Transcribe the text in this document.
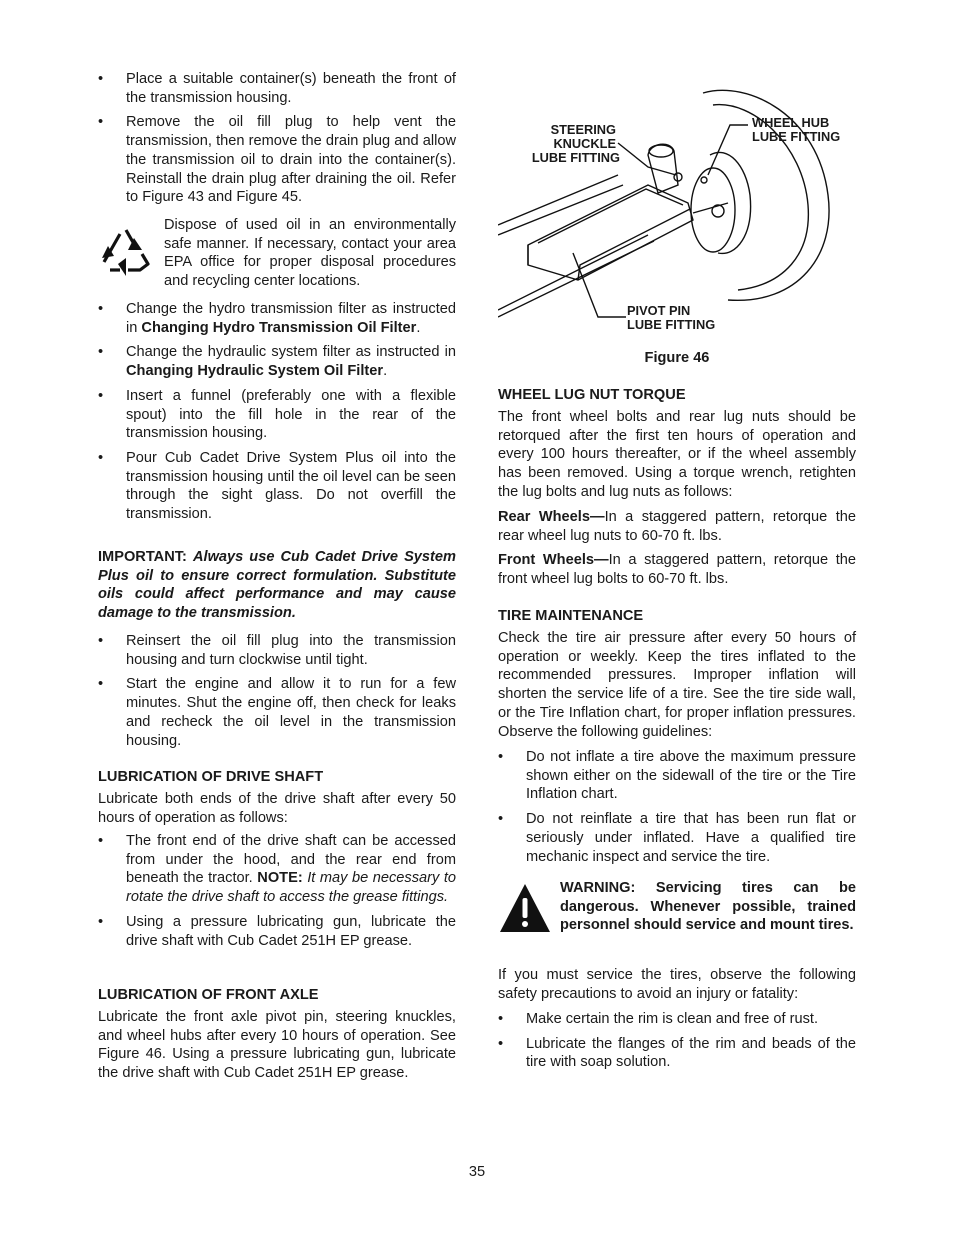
• Place a suitable container(s) beneath the front of the transmission housing.
• Remove the oil fill plug to help vent the transmission, then remove the drain plug and allow the transmission oil to drain into the container(s). Reinstall the drain plug after draining the oil. Refer to Figure 43 and Figure 45.

Dispose of used oil in an environmentally safe manner. If necessary, contact your area EPA office for proper disposal procedures and recycling center locations.

• Change the hydro transmission filter as instructed in Changing Hydro Transmission Oil Filter.
• Change the hydraulic system filter as instructed in Changing Hydraulic System Oil Filter.
• Insert a funnel (preferably one with a flexible spout) into the fill hole in the rear of the transmission housing.
• Pour Cub Cadet Drive System Plus oil into the transmission housing until the oil level can be seen through the sight glass. Do not overfill the transmission.

IMPORTANT: Always use Cub Cadet Drive System Plus oil to ensure correct formulation. Substitute oils could affect performance and may cause damage to the transmission.

• Reinsert the oil fill plug into the transmission housing and turn clockwise until tight.
• Start the engine and allow it to run for a few minutes. Shut the engine off, then check for leaks and recheck the oil level in the transmission housing.
LUBRICATION OF DRIVE SHAFT

Lubricate both ends of the drive shaft after every 50 hours of operation as follows:

• The front end of the drive shaft can be accessed from under the hood, and the rear end from beneath the tractor. NOTE: It may be necessary to rotate the drive shaft to access the grease fittings.
• Using a pressure lubricating gun, lubricate the drive shaft with Cub Cadet 251H EP grease.
LUBRICATION OF FRONT AXLE

Lubricate the front axle pivot pin, steering knuckles, and wheel hubs after every 10 hours of operation. See Figure 46. Using a pressure lubricating gun, lubricate the drive shaft with Cub Cadet 251H EP grease.

STEERING
KNUCKLE
LUBE FITTING
WHEEL HUB
LUBE FITTING
PIVOT PIN
LUBE FITTING
Figure 46
WHEEL LUG NUT TORQUE

The front wheel bolts and rear lug nuts should be retorqued after the first ten hours of operation and every 100 hours thereafter, or if the wheel assembly has been removed. Using a torque wrench, retighten the lug bolts and lug nuts as follows:

Rear Wheels—In a staggered pattern, retorque the rear wheel lug nuts to 60-70 ft. lbs.

Front Wheels—In a staggered pattern, retorque the front wheel lug bolts to 60-70 ft. lbs.

TIRE MAINTENANCE

Check the tire air pressure after every 50 hours of operation or weekly. Keep the tires inflated to the recommended pressures. Improper inflation will shorten the service life of a tire. See the tire side wall, or the Tire Inflation chart, for proper inflation pressures. Observe the following guidelines:

• Do not inflate a tire above the maximum pressure shown either on the sidewall of the tire or the Tire Inflation chart.
• Do not reinflate a tire that has been run flat or seriously under inflated. Have a qualified tire mechanic inspect and service the tire.

WARNING: Servicing tires can be dangerous. Whenever possible, trained personnel should service and mount tires.

If you must service the tires, observe the following safety precautions to avoid an injury or fatality:

• Make certain the rim is clean and free of rust.
• Lubricate the flanges of the rim and beads of the tire with soap solution.
35
